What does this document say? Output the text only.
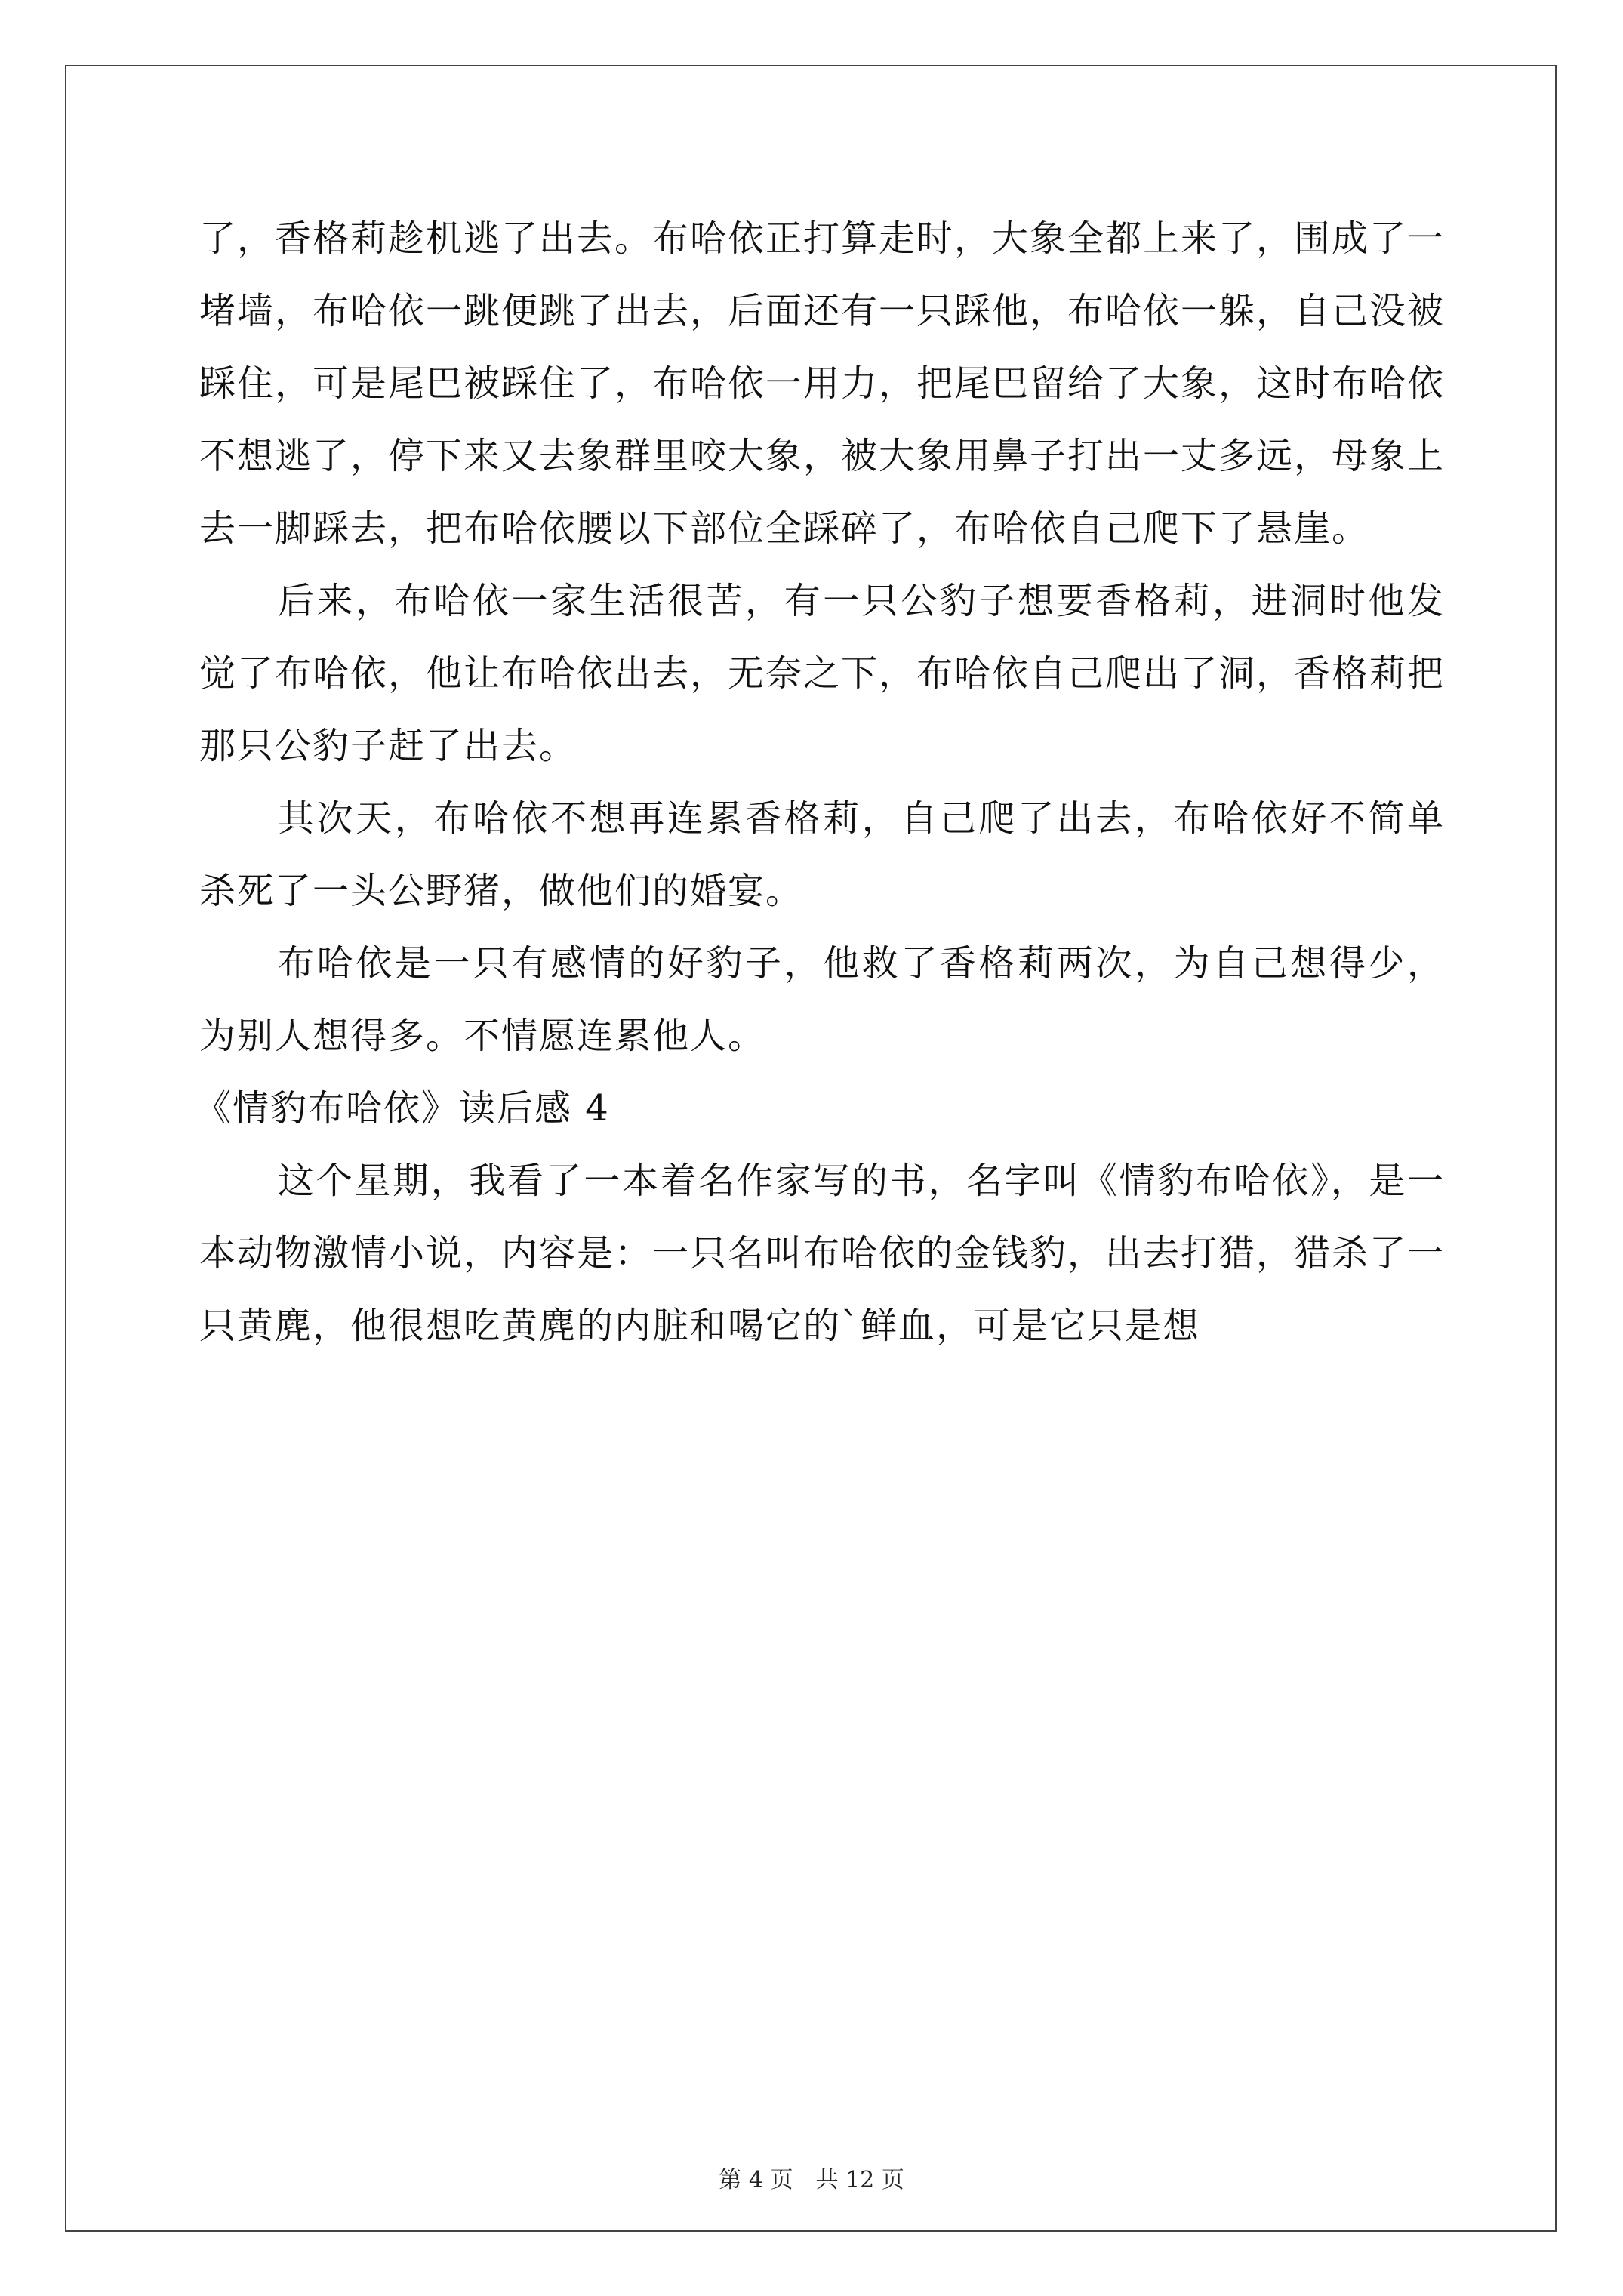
了，香格莉趁机逃了出去。布哈依正打算走时，大象全都上来了，围成了一堵墙，布哈依一跳便跳了出去，后面还有一只踩他，布哈依一躲，自己没被踩住，可是尾巴被踩住了，布哈依一用力，把尾巴留给了大象，这时布哈依不想逃了，停下来又去象群里咬大象，被大象用鼻子打出一丈多远，母象上去一脚踩去，把布哈依腰以下部位全踩碎了，布哈依自己爬下了悬崖。

后来，布哈依一家生活很苦，有一只公豹子想要香格莉，进洞时他发觉了布哈依，他让布哈依出去，无奈之下，布哈依自己爬出了洞，香格莉把那只公豹子赶了出去。

其次天，布哈依不想再连累香格莉，自己爬了出去，布哈依好不简单杀死了一头公野猪，做他们的婚宴。

布哈依是一只有感情的好豹子，他救了香格莉两次，为自己想得少，为别人想得多。不情愿连累他人。

《情豹布哈依》读后感 4

这个星期，我看了一本着名作家写的书，名字叫《情豹布哈依》，是一本动物激情小说，内容是：一只名叫布哈依的金钱豹，出去打猎，猎杀了一只黄麂，他很想吃黄麂的内脏和喝它的`鲜血，可是它只是想

第 4 页　共 12 页
